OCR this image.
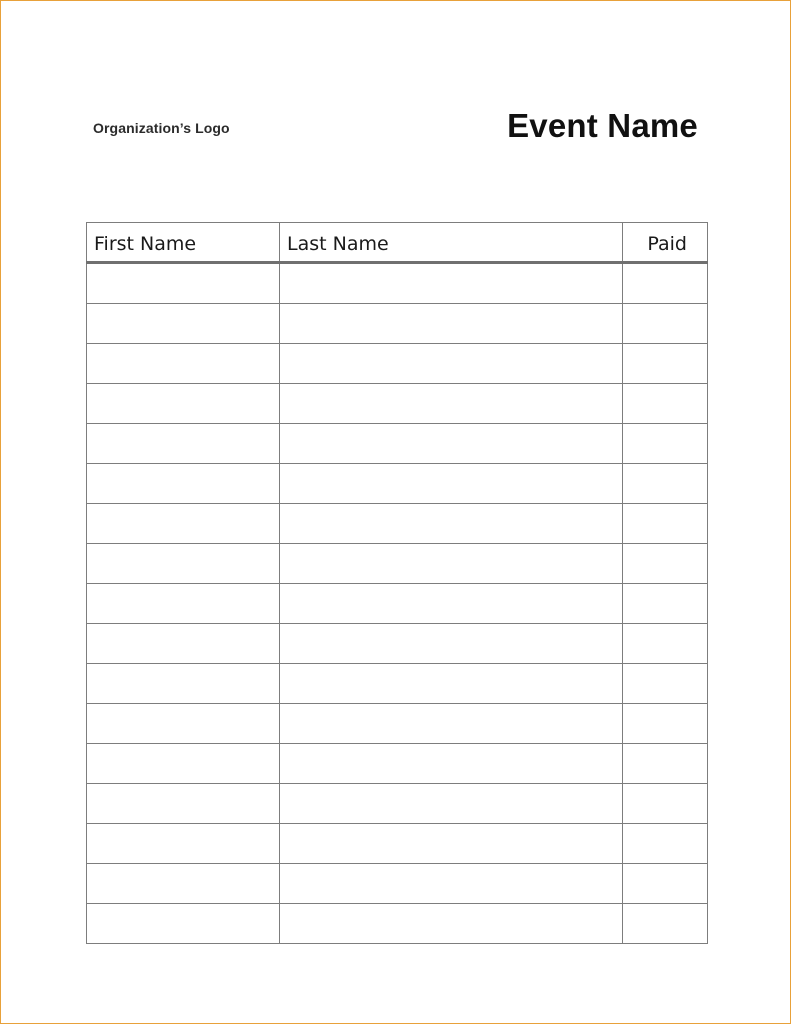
Organization’s Logo	Event Name
First Name	Last Name	Paid
